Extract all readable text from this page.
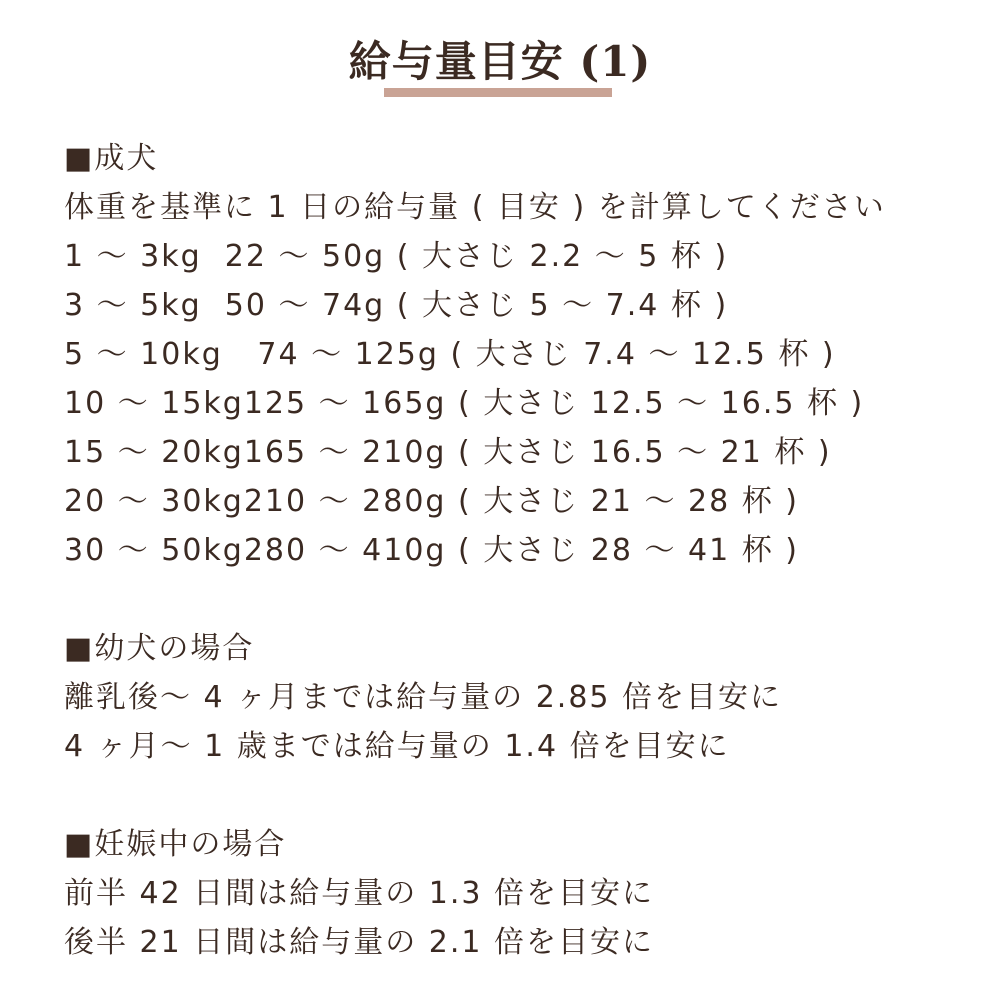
給与量目安 (1)
■成犬
体重を基準に 1 日の給与量 ( 目安 ) を計算してください
1 ～ 3kg  22 ～ 50g ( 大さじ 2.2 ～ 5 杯 )
3 ～ 5kg  50 ～ 74g ( 大さじ 5 ～ 7.4 杯 )
5 ～ 10kg   74 ～ 125g ( 大さじ 7.4 ～ 12.5 杯 )
10 ～ 15kg125 ～ 165g ( 大さじ 12.5 ～ 16.5 杯 )
15 ～ 20kg165 ～ 210g ( 大さじ 16.5 ～ 21 杯 )
20 ～ 30kg210 ～ 280g ( 大さじ 21 ～ 28 杯 )
30 ～ 50kg280 ～ 410g ( 大さじ 28 ～ 41 杯 )
■幼犬の場合
離乳後～ 4 ヶ月までは給与量の 2.85 倍を目安に
4 ヶ月～ 1 歳までは給与量の 1.4 倍を目安に
■妊娠中の場合
前半 42 日間は給与量の 1.3 倍を目安に
後半 21 日間は給与量の 2.1 倍を目安に
